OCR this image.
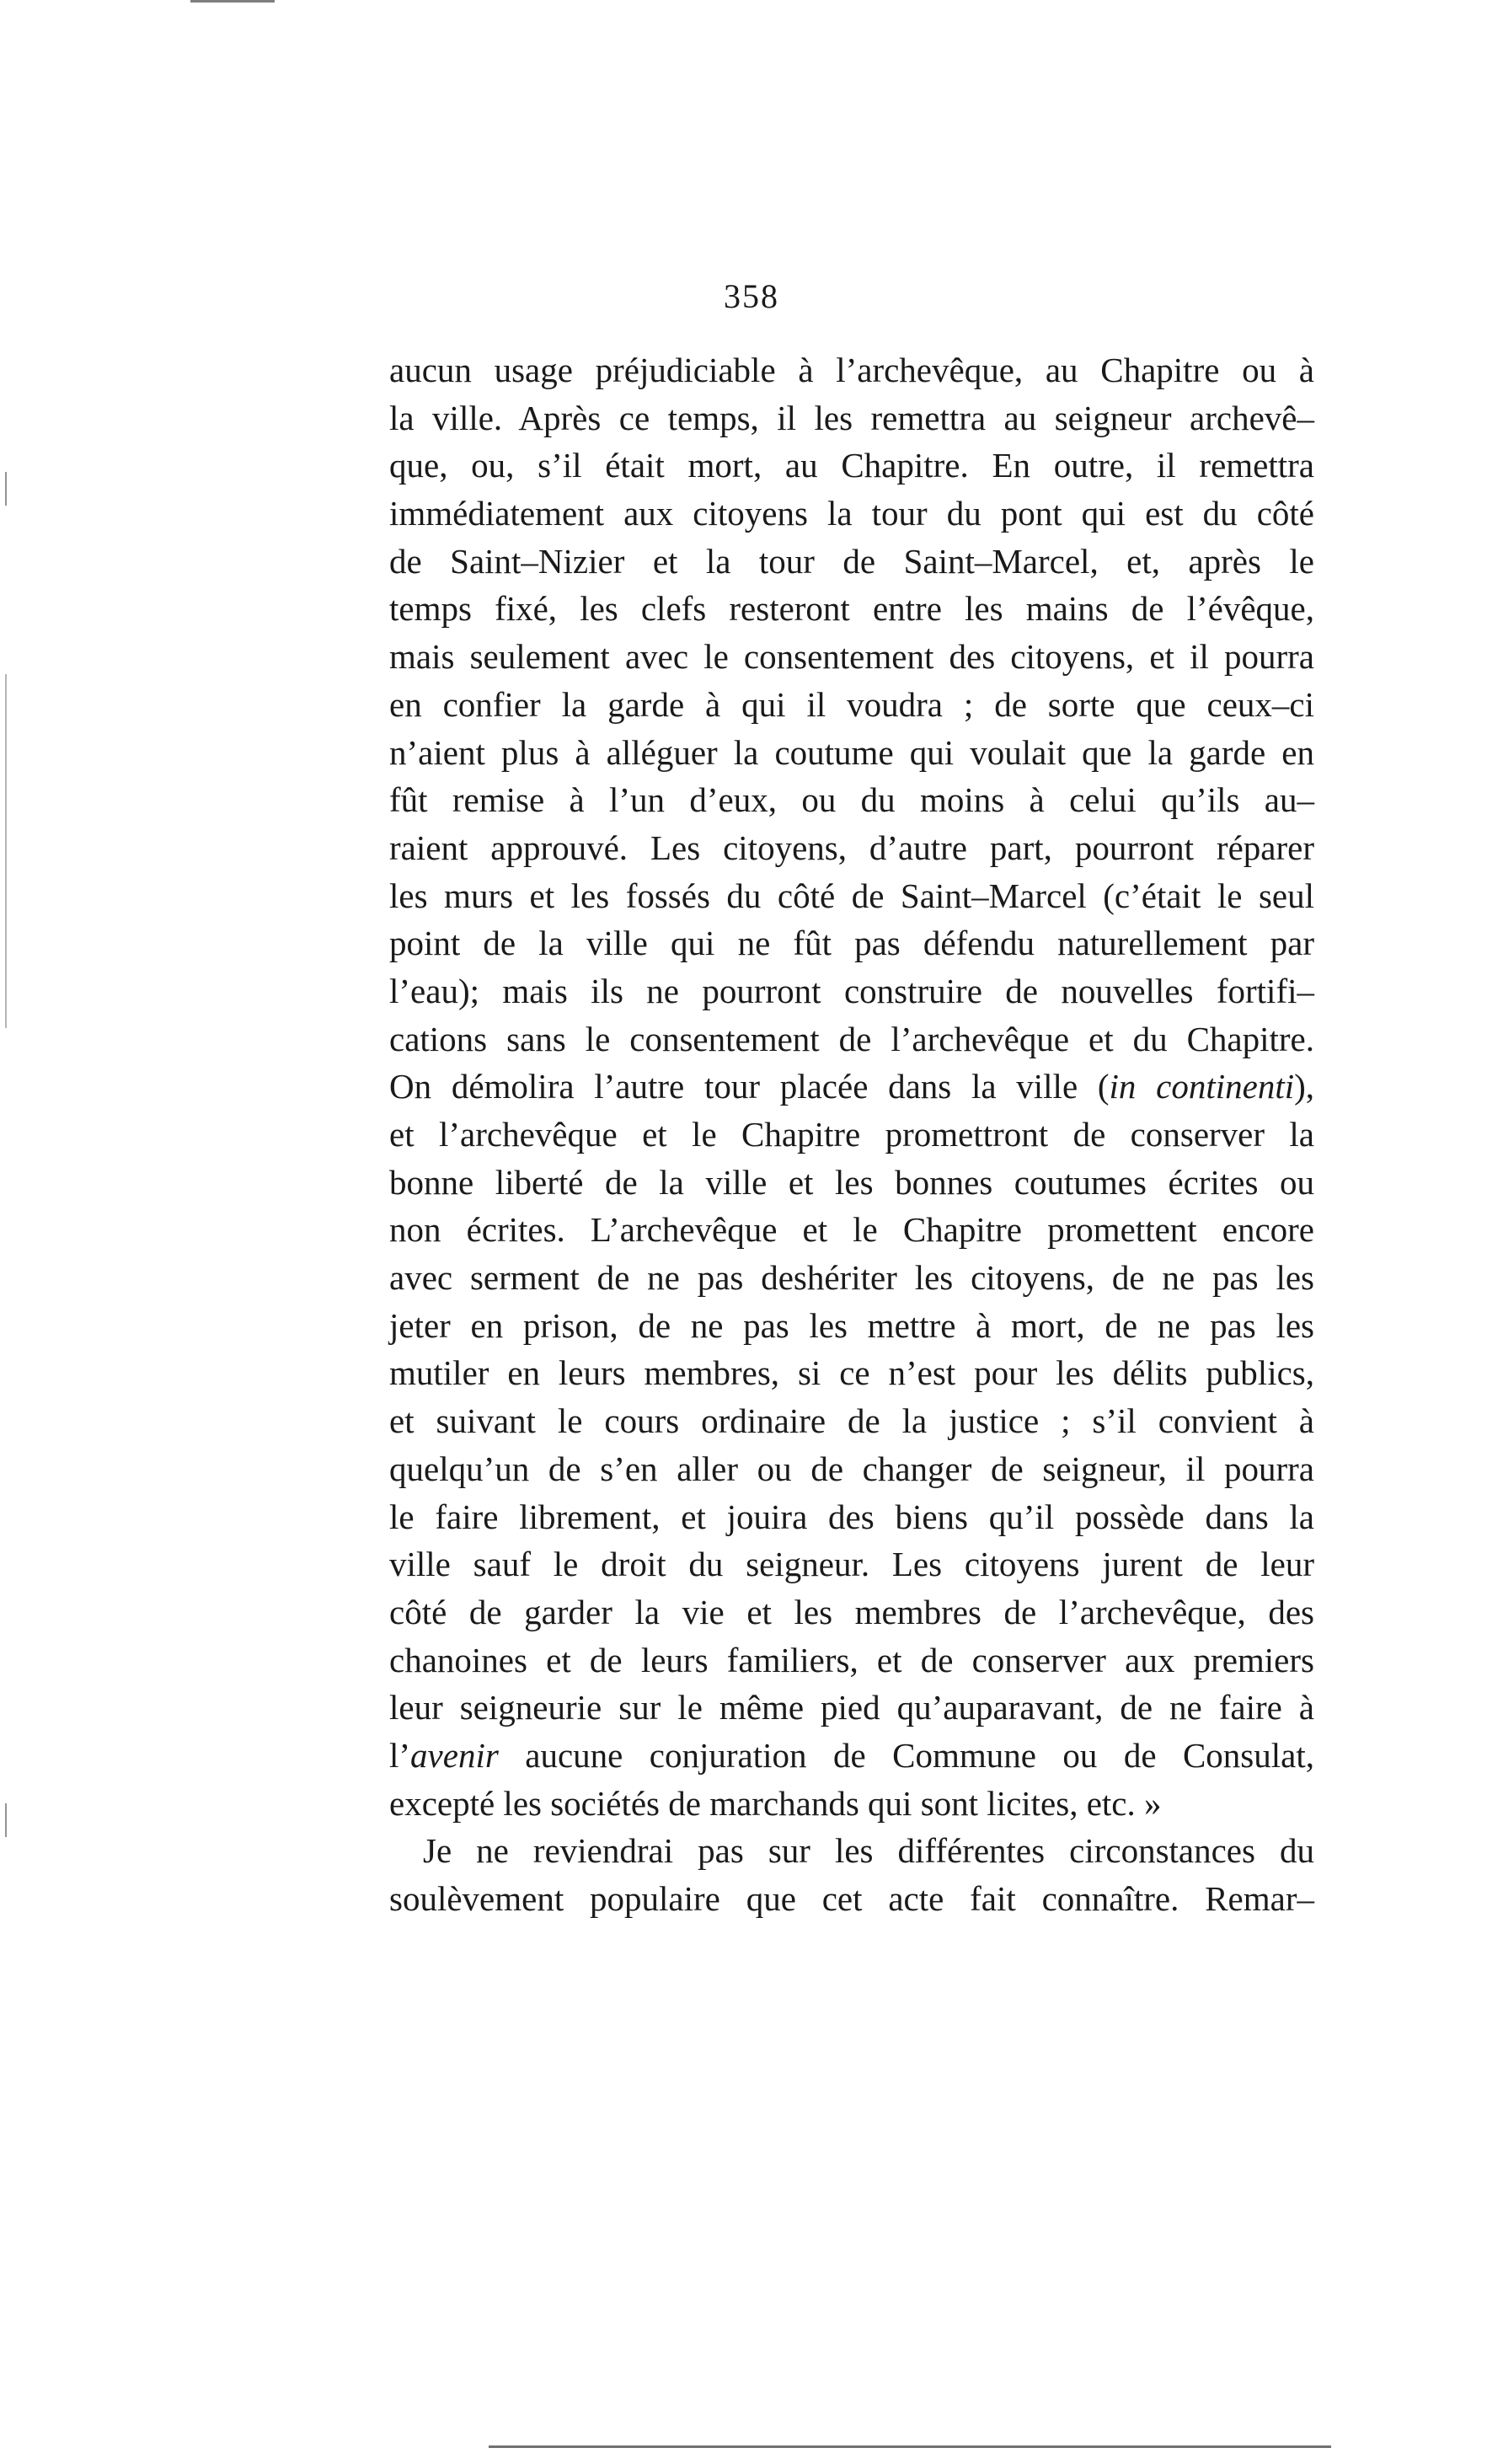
358
aucun usage préjudiciable à l’archevêque, au Chapitre ou à
la ville. Après ce temps, il les remettra au seigneur archevê–
que, ou, s’il était mort, au Chapitre. En outre, il remettra
immédiatement aux citoyens la tour du pont qui est du côté
de Saint–Nizier et la tour de Saint–Marcel, et, après le
temps fixé, les clefs resteront entre les mains de l’évêque,
mais seulement avec le consentement des citoyens, et il pourra
en confier la garde à qui il voudra ; de sorte que ceux–ci
n’aient plus à alléguer la coutume qui voulait que la garde en
fût remise à l’un d’eux, ou du moins à celui qu’ils au–
raient approuvé. Les citoyens, d’autre part, pourront réparer
les murs et les fossés du côté de Saint–Marcel (c’était le seul
point de la ville qui ne fût pas défendu naturellement par
l’eau); mais ils ne pourront construire de nouvelles fortifi–
cations sans le consentement de l’archevêque et du Chapitre.
On démolira l’autre tour placée dans la ville (in continenti),
et l’archevêque et le Chapitre promettront de conserver la
bonne liberté de la ville et les bonnes coutumes écrites ou
non écrites. L’archevêque et le Chapitre promettent encore
avec serment de ne pas deshériter les citoyens, de ne pas les
jeter en prison, de ne pas les mettre à mort, de ne pas les
mutiler en leurs membres, si ce n’est pour les délits publics,
et suivant le cours ordinaire de la justice ; s’il convient à
quelqu’un de s’en aller ou de changer de seigneur, il pourra
le faire librement, et jouira des biens qu’il possède dans la
ville sauf le droit du seigneur. Les citoyens jurent de leur
côté de garder la vie et les membres de l’archevêque, des
chanoines et de leurs familiers, et de conserver aux premiers
leur seigneurie sur le même pied qu’auparavant, de ne faire à
l’avenir aucune conjuration de Commune ou de Consulat,
excepté les sociétés de marchands qui sont licites, etc. »
Je ne reviendrai pas sur les différentes circonstances du
soulèvement populaire que cet acte fait connaître. Remar–
